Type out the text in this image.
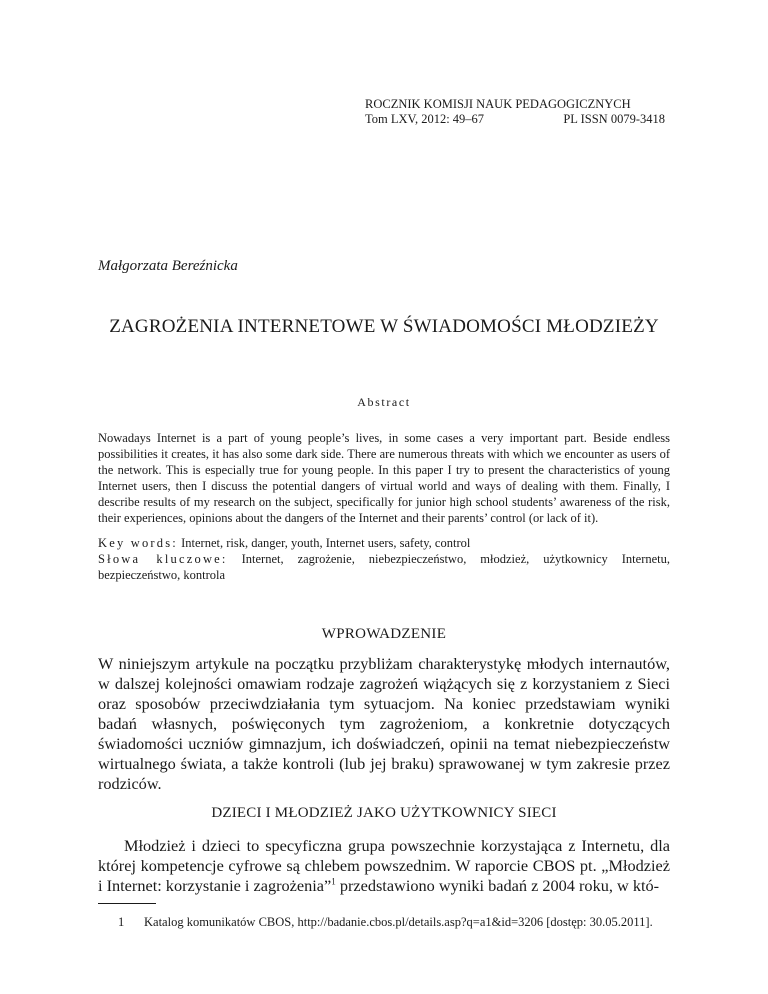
ROCZNIK KOMISJI NAUK PEDAGOGICZNYCH
Tom LXV, 2012: 49–67	PL ISSN 0079-3418
Małgorzata Bereźnicka
ZAGROŻENIA INTERNETOWE W ŚWIADOMOŚCI MŁODZIEŻY
Abstract

Nowadays Internet is a part of young people’s lives, in some cases a very important part. Beside endless possibilities it creates, it has also some dark side. There are numerous threats with which we encounter as users of the network. This is especially true for young people. In this paper I try to present the characteristics of young Internet users, then I discuss the potential dangers of virtual world and ways of dealing with them. Finally, I describe results of my research on the subject, specifically for junior high school students’ awareness of the risk, their experiences, opinions about the dangers of the Internet and their parents’ control (or lack of it).

Key words: Internet, risk, danger, youth, Internet users, safety, control

Słowa kluczowe: Internet, zagrożenie, niebezpieczeństwo, młodzież, użytkownicy Internetu, bezpieczeństwo, kontrola

WPROWADZENIE

W niniejszym artykule na początku przybliżam charakterystykę młodych internautów, w dalszej kolejności omawiam rodzaje zagrożeń wiążących się z korzystaniem z Sieci oraz sposobów przeciwdziałania tym sytuacjom. Na koniec przedstawiam wyniki badań własnych, poświęconych tym zagrożeniom, a konkretnie dotyczących świadomości uczniów gimnazjum, ich doświadczeń, opinii na temat niebezpieczeństw wirtualnego świata, a także kontroli (lub jej braku) sprawowanej w tym zakresie przez rodziców.

DZIECI I MŁODZIEŻ JAKO UŻYTKOWNICY SIECI

Młodzież i dzieci to specyficzna grupa powszechnie korzystająca z Internetu, dla której kompetencje cyfrowe są chlebem powszednim. W raporcie CBOS pt. „Młodzież i Internet: korzystanie i zagrożenia”$^1$ przedstawiono wyniki badań z 2004 roku, w któ-

1 Katalog komunikatów CBOS, http://badanie.cbos.pl/details.asp?q=a1&id=3206 [dostęp: 30.05.2011].
